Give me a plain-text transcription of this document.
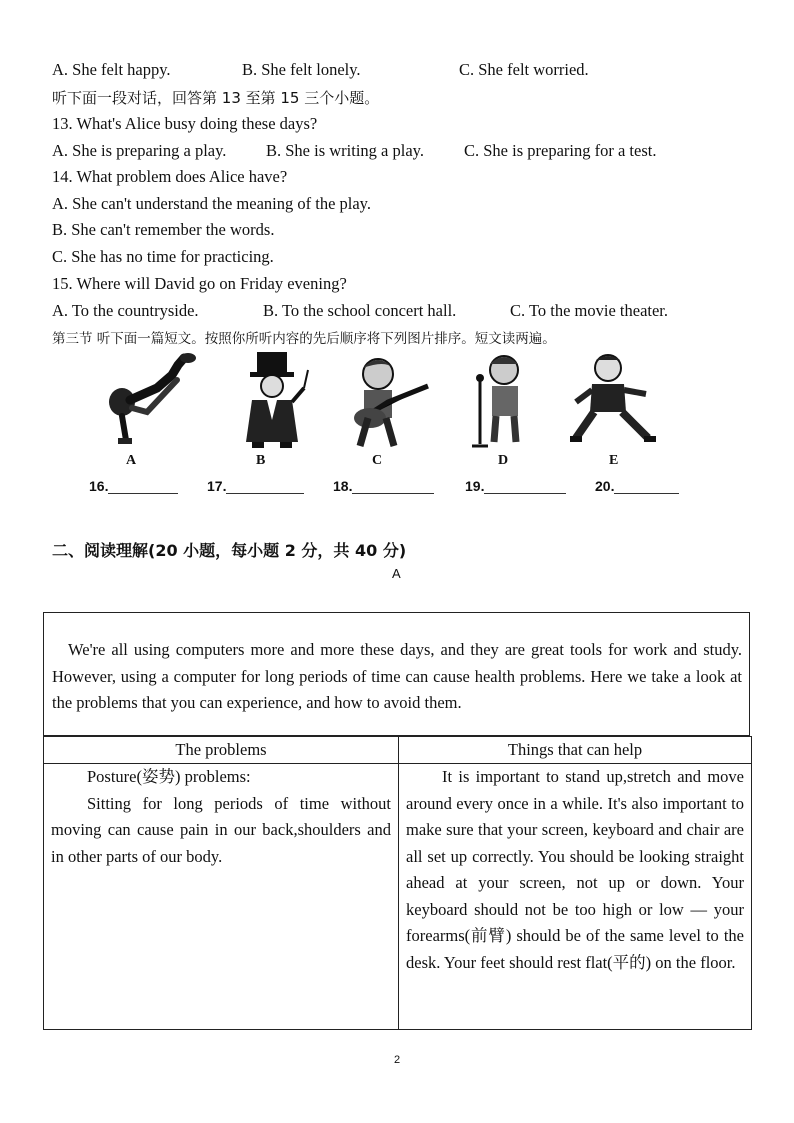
A. She felt happy.	B. She felt lonely.	C. She felt worried.
听下面一段对话，回答第 13 至第 15 三个小题。
13. What's Alice busy doing these days?
A. She is preparing a play. B. She is writing a play. C. She is preparing for a test.
14. What problem does Alice have?
A. She can't understand the meaning of the play.
B. She can't remember the words.
C. She has no time for practicing.
15. Where will David go on Friday evening?
A. To the countryside.	B. To the school concert hall.	C. To the movie theater.
第三节 听下面一篇短文。按照你所听内容的先后顺序将下列图片排序。短文读两遍。
A	B	C	D	E
16.	17.	18.	19.	20.
二、阅读理解(20 小题，每小题 2 分，共 40 分)
A
We're all using computers more and more these days, and they are great tools for work and study. However, using a computer for long periods of time can cause health problems. Here we take a look at the problems that you can experience, and how to avoid them.
The problems	Things that can help

Posture(姿势) problems:
Sitting for long periods of time without moving can cause pain in our back,shoulders and in other parts of our body.	It is important to stand up,stretch and move around every once in a while. It's also important to make sure that your screen, keyboard and chair are all set up correctly. You should be looking straight ahead at your screen, not up or down. Your keyboard should not be too high or low — your forearms(前臂) should be of the same level to the desk. Your feet should rest flat(平的) on the floor.
2
